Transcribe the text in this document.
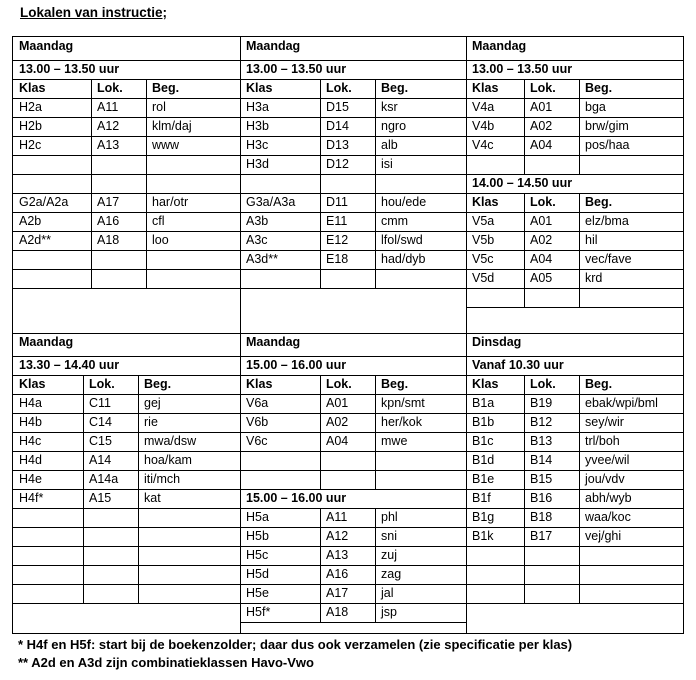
Lokalen van instructie;
Maandag
13.00 – 13.50 uur
Klas	Lok. Beg.
H2a	A11	rol
H2b	A12	klm/daj
H2c	A13	www
G2a/A2a A17	har/otr
A2b	A16	cfl
A2d**	A18	loo
Maandag
13.00 – 13.50 uur
Klas	Lok. Beg.
H3a	D15	ksr
H3b	D14	ngro
H3c	D13	alb
H3d	D12	isi
G3a/A3a D11	hou/ede
A3b	E11	cmm
A3c	E12	lfol/swd
A3d**	E18	had/dyb
Maandag
13.00 – 13.50 uur
Klas	Lok. Beg.
V4a	A01	bga
V4b	A02	brw/gim
V4c	A04	pos/haa
14.00 – 14.50 uur
Klas	Lok. Beg.
V5a	A01	elz/bma
V5b	A02	hil
V5c	A04	vec/fave
V5d	A05	krd
Maandag
13.30 – 14.40 uur
Klas	Lok. Beg.
H4a	C11	gej
H4b	C14	rie
H4c	C15	mwa/dsw
H4d	A14	hoa/kam
H4e	A14a iti/mch
H4f*	A15	kat
Maandag
15.00 – 16.00 uur
Klas	Lok. Beg.
V6a	A01	kpn/smt
V6b	A02	her/kok
V6c	A04	mwe
15.00 – 16.00 uur
H5a	A11	phl
H5b	A12	sni
H5c	A13	zuj
H5d	A16	zag
H5e	A17	jal
H5f*	A18	jsp
Dinsdag
Vanaf 10.30 uur
Klas	Lok. Beg.
B1a	B19	ebak/wpi/bml
B1b	B12	sey/wir
B1c	B13	trl/boh
B1d	B14	yvee/wil
B1e	B15	jou/vdv
B1f	B16	abh/wyb
B1g	B18	waa/koc
B1k	B17	vej/ghi
* H4f en H5f: start bij de boekenzolder; daar dus ook verzamelen (zie specificatie per klas)
** A2d en A3d zijn combinatieklassen Havo-Vwo
